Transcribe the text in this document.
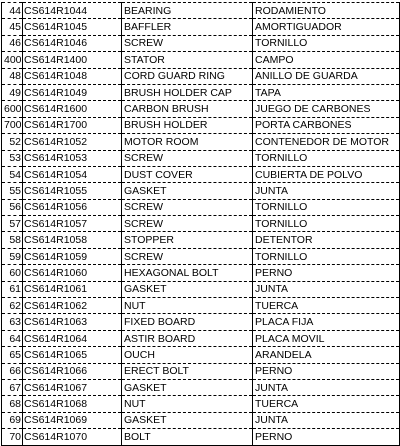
44	CS614R1044	BEARING	RODAMIENTO
45	CS614R1045	BAFFLER	AMORTIGUADOR
46	CS614R1046	SCREW	TORNILLO
400	CS614R1400	STATOR	CAMPO
48	CS614R1048	CORD GUARD RING	ANILLO DE GUARDA
49	CS614R1049	BRUSH HOLDER CAP	TAPA
600	CS614R1600	CARBON BRUSH	JUEGO DE CARBONES
700	CS614R1700	BRUSH HOLDER	PORTA CARBONES
52	CS614R1052	MOTOR ROOM	CONTENEDOR DE MOTOR
53	CS614R1053	SCREW	TORNILLO
54	CS614R1054	DUST COVER	CUBIERTA DE POLVO
55	CS614R1055	GASKET	JUNTA
56	CS614R1056	SCREW	TORNILLO
57	CS614R1057	SCREW	TORNILLO
58	CS614R1058	STOPPER	DETENTOR
59	CS614R1059	SCREW	TORNILLO
60	CS614R1060	HEXAGONAL BOLT	PERNO
61	CS614R1061	GASKET	JUNTA
62	CS614R1062	NUT	TUERCA
63	CS614R1063	FIXED BOARD	PLACA FIJA
64	CS614R1064	ASTIR BOARD	PLACA MOVIL
65	CS614R1065	OUCH	ARANDELA
66	CS614R1066	ERECT BOLT	PERNO
67	CS614R1067	GASKET	JUNTA
68	CS614R1068	NUT	TUERCA
69	CS614R1069	GASKET	JUNTA
70	CS614R1070	BOLT	PERNO
